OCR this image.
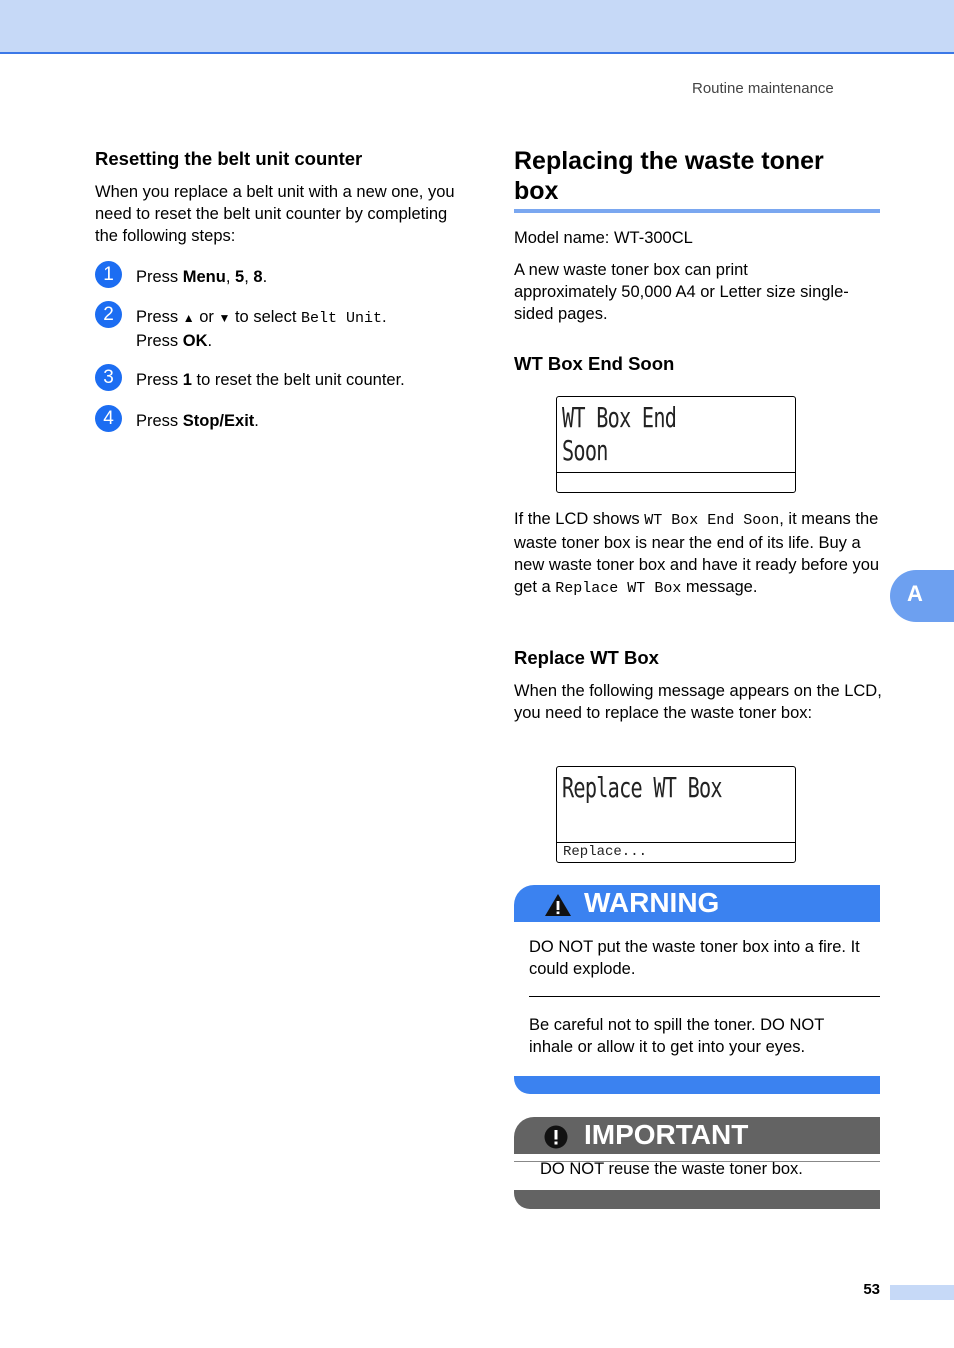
Routine maintenance
Resetting the belt unit counter
When you replace a belt unit with a new one, you need to reset the belt unit counter by completing the following steps:
1	Press Menu, 5, 8.
2	Press ▲ or ▼ to select Belt Unit.
Press OK.
3	Press 1 to reset the belt unit counter.
4	Press Stop/Exit.
Replacing the waste toner
box
Model name: WT-300CL
A new waste toner box can print approximately 50,000 A4 or Letter size single-sided pages.
WT Box End Soon
WT Box End Soon
If the LCD shows WT Box End Soon, it means the waste toner box is near the end of its life. Buy a new waste toner box and have it ready before you get a Replace WT Box message.
Replace WT Box
When the following message appears on the LCD, you need to replace the waste toner box:
Replace WT Box
Replace...
WARNING
DO NOT put the waste toner box into a fire. It could explode.
Be careful not to spill the toner. DO NOT inhale or allow it to get into your eyes.
IMPORTANT
DO NOT reuse the waste toner box.
A
53
